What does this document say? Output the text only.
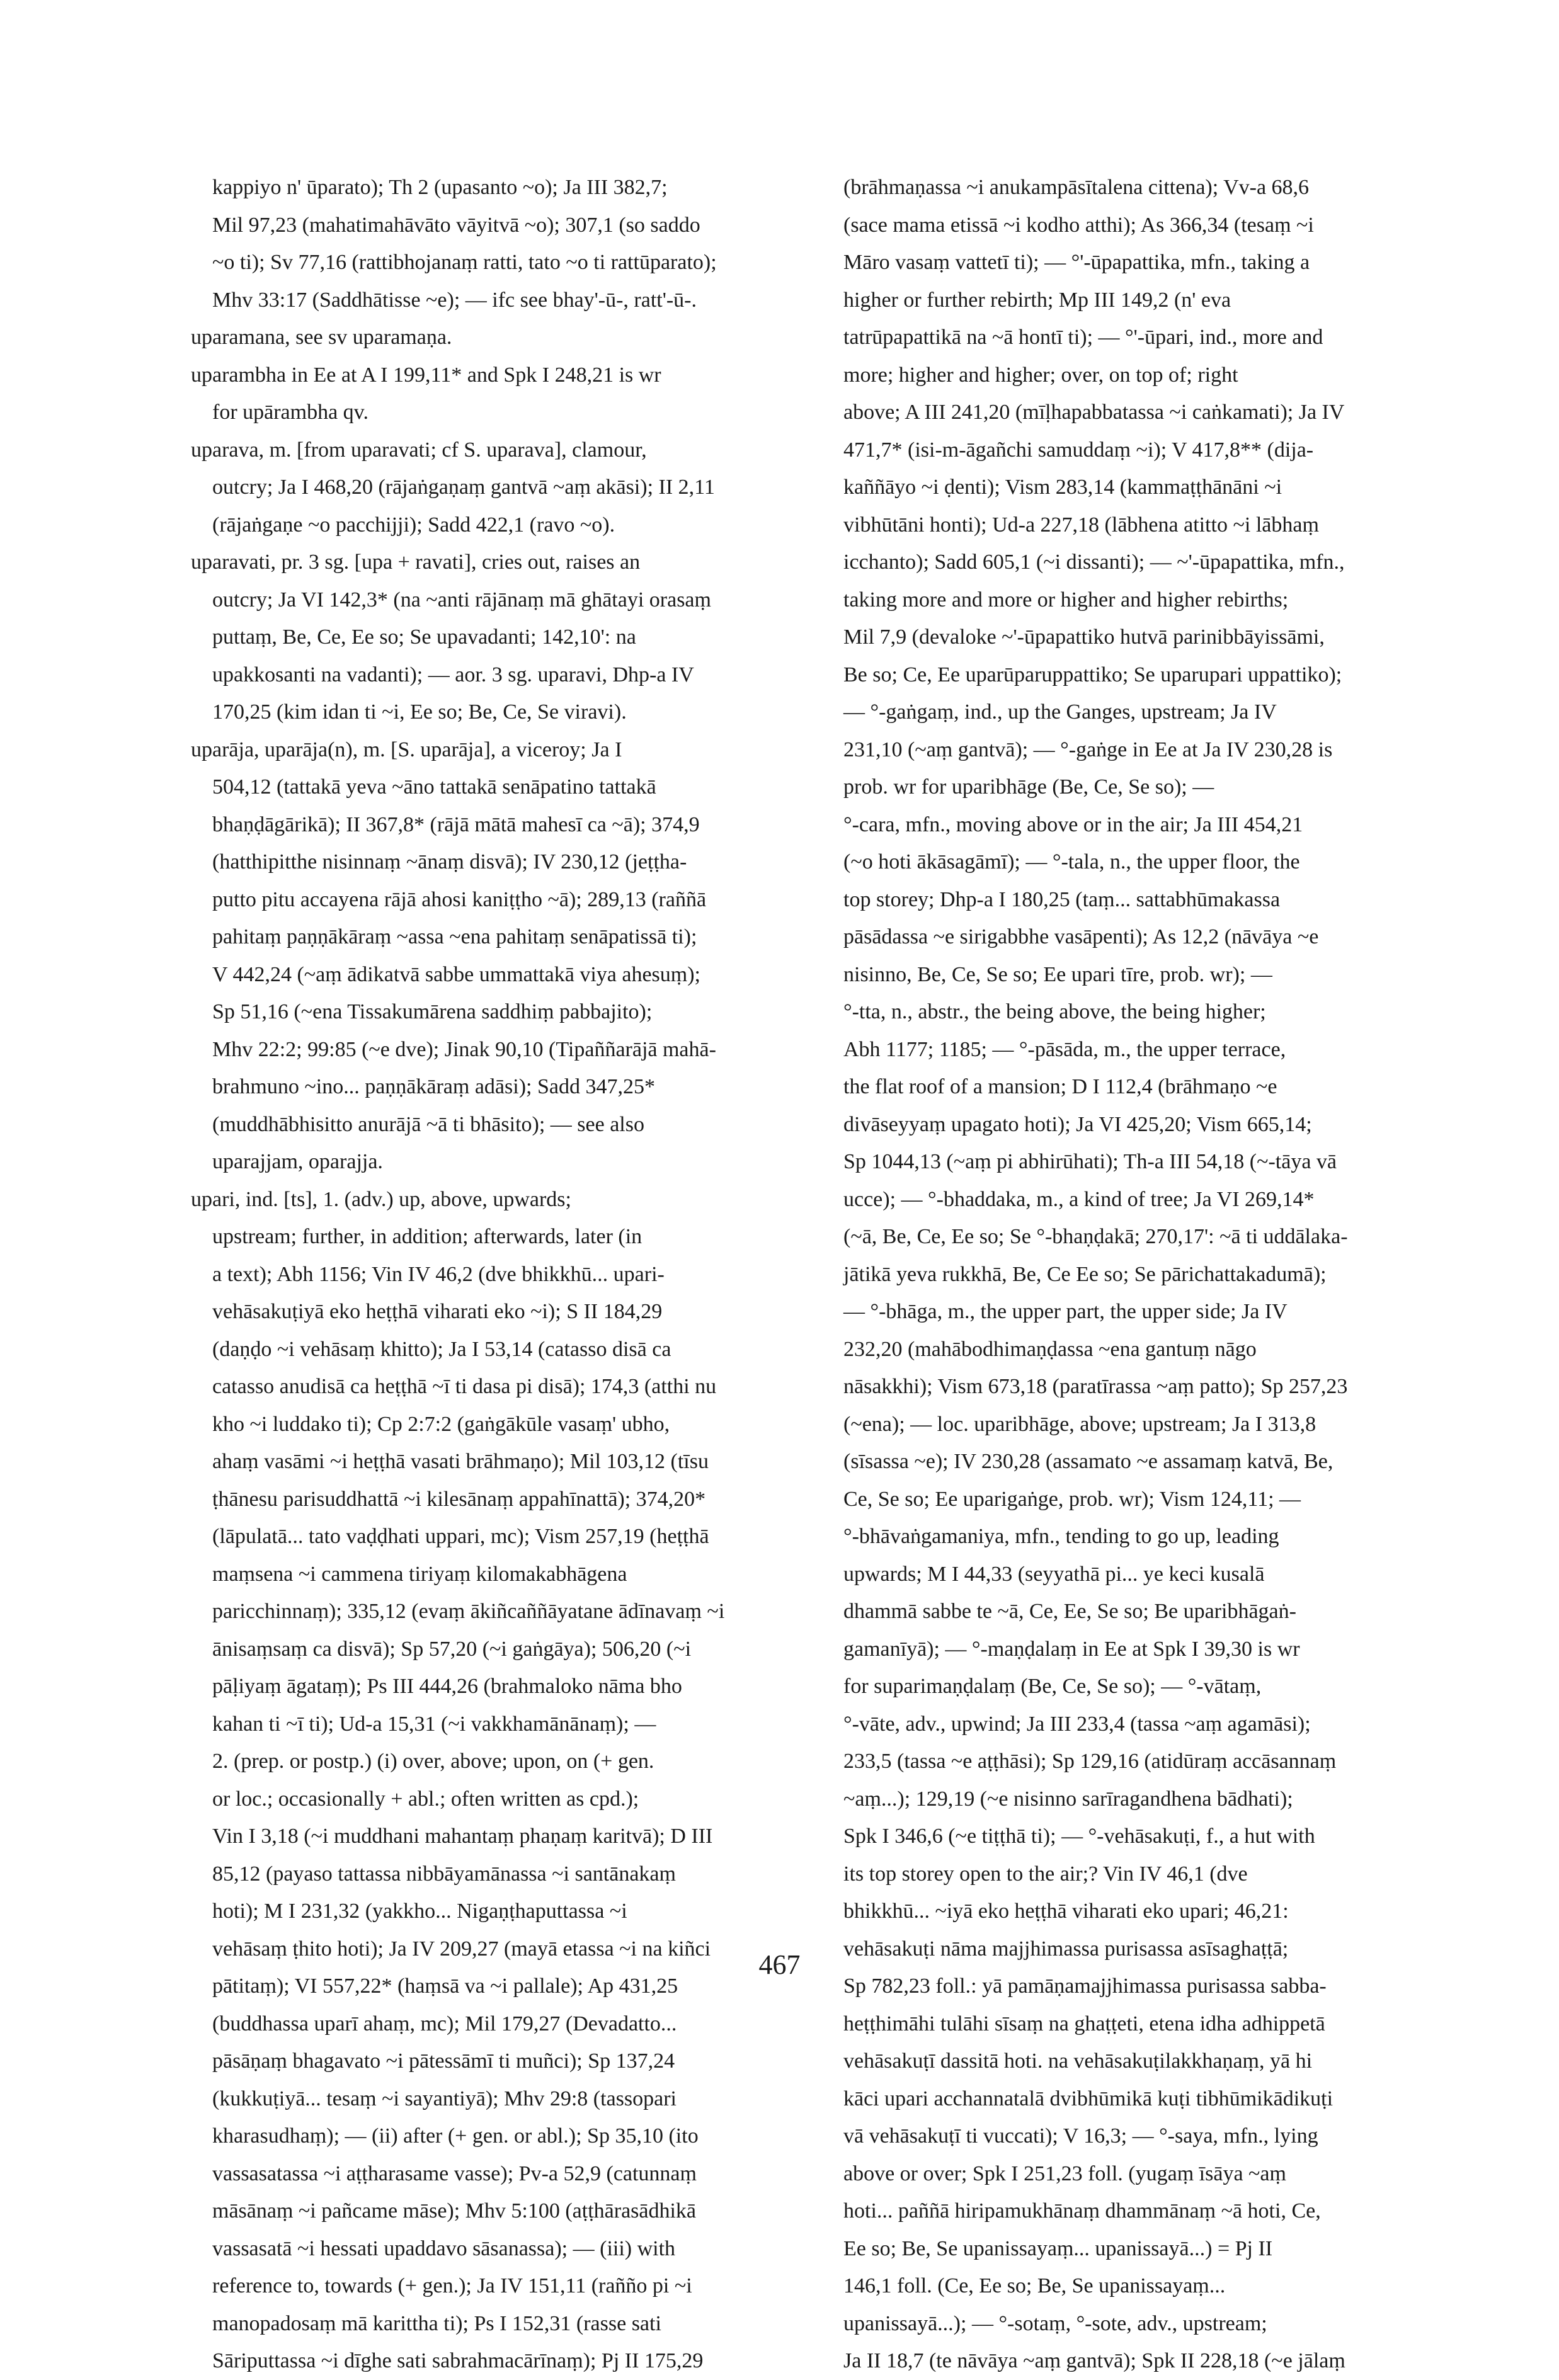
kappiyo n' ūparato); Th 2 (upasanto ~o); Ja III 382,7;
Mil 97,23 (mahatimahāvāto vāyitvā ~o); 307,1 (so saddo
~o ti); Sv 77,16 (rattibhojanaṃ ratti, tato ~o ti rattūparato);
Mhv 33:17 (Saddhātisse ~e); — ifc see bhay'-ū-, ratt'-ū-.
uparamana, see sv uparamaṇa.
uparambha in Ee at A I 199,11* and Spk I 248,21 is wr
for upārambha qv.
uparava, m. [from uparavati; cf S. uparava], clamour,
outcry; Ja I 468,20 (rājaṅgaṇaṃ gantvā ~aṃ akāsi); II 2,11
(rājaṅgaṇe ~o pacchijji); Sadd 422,1 (ravo ~o).
uparavati, pr. 3 sg. [upa + ravati], cries out, raises an
outcry; Ja VI 142,3* (na ~anti rājānaṃ mā ghātayi orasaṃ
puttaṃ, Be, Ce, Ee so; Se upavadanti; 142,10': na
upakkosanti na vadanti); — aor. 3 sg. uparavi, Dhp-a IV
170,25 (kim idan ti ~i, Ee so; Be, Ce, Se viravi).
uparāja, uparāja(n), m. [S. uparāja], a viceroy; Ja I
504,12 (tattakā yeva ~āno tattakā senāpatino tattakā
bhaṇḍāgārikā); II 367,8* (rājā mātā mahesī ca ~ā); 374,9
(hatthipitthe nisinnaṃ ~ānaṃ disvā); IV 230,12 (jeṭṭha-
putto pitu accayena rājā ahosi kaniṭṭho ~ā); 289,13 (raññā
pahitaṃ paṇṇākāraṃ ~assa ~ena pahitaṃ senāpatissā ti);
V 442,24 (~aṃ ādikatvā sabbe ummattakā viya ahesuṃ);
Sp 51,16 (~ena Tissakumārena saddhiṃ pabbajito);
Mhv 22:2; 99:85 (~e dve); Jinak 90,10 (Tipaññarājā mahā-
brahmuno ~ino... paṇṇākāraṃ adāsi); Sadd 347,25*
(muddhābhisitto anurājā ~ā ti bhāsito); — see also
uparajjam, oparajja.
upari, ind. [ts], 1. (adv.) up, above, upwards;
upstream; further, in addition; afterwards, later (in
a text); Abh 1156; Vin IV 46,2 (dve bhikkhū... upari-
vehāsakuṭiyā eko heṭṭhā viharati eko ~i); S II 184,29
(daṇḍo ~i vehāsaṃ khitto); Ja I 53,14 (catasso disā ca
catasso anudisā ca heṭṭhā ~ī ti dasa pi disā); 174,3 (atthi nu
kho ~i luddako ti); Cp 2:7:2 (gaṅgākūle vasaṃ' ubho,
ahaṃ vasāmi ~i heṭṭhā vasati brāhmaṇo); Mil 103,12 (tīsu
ṭhānesu parisuddhattā ~i kilesānaṃ appahīnattā); 374,20*
(lāpulatā... tato vaḍḍhati uppari, mc); Vism 257,19 (heṭṭhā
maṃsena ~i cammena tiriyaṃ kilomakabhāgena
paricchinnaṃ); 335,12 (evaṃ ākiñcaññāyatane ādīnavaṃ ~i
ānisaṃsaṃ ca disvā); Sp 57,20 (~i gaṅgāya); 506,20 (~i
pāḷiyaṃ āgataṃ); Ps III 444,26 (brahmaloko nāma bho
kahan ti ~ī ti); Ud-a 15,31 (~i vakkhamānānaṃ); —
2. (prep. or postp.) (i) over, above; upon, on (+ gen.
or loc.; occasionally + abl.; often written as cpd.);
Vin I 3,18 (~i muddhani mahantaṃ phaṇaṃ karitvā); D III
85,12 (payaso tattassa nibbāyamānassa ~i santānakaṃ
hoti); M I 231,32 (yakkho... Nigaṇṭhaputtassa ~i
vehāsaṃ ṭhito hoti); Ja IV 209,27 (mayā etassa ~i na kiñci
pātitaṃ); VI 557,22* (haṃsā va ~i pallale); Ap 431,25
(buddhassa uparī ahaṃ, mc); Mil 179,27 (Devadatto...
pāsāṇaṃ bhagavato ~i pātessāmī ti muñci); Sp 137,24
(kukkuṭiyā... tesaṃ ~i sayantiyā); Mhv 29:8 (tassopari
kharasudhaṃ); — (ii) after (+ gen. or abl.); Sp 35,10 (ito
vassasatassa ~i aṭṭharasame vasse); Pv-a 52,9 (catunnaṃ
māsānaṃ ~i pañcame māse); Mhv 5:100 (aṭṭhārasādhikā
vassasatā ~i hessati upaddavo sāsanassa); — (iii) with
reference to, towards (+ gen.); Ja IV 151,11 (rañño pi ~i
manopadosaṃ mā karittha ti); Ps I 152,31 (rasse sati
Sāriputtassa ~i dīghe sati sabrahmacārīnaṃ); Pj II 175,29
(brāhmaṇassa ~i anukampāsītalena cittena); Vv-a 68,6
(sace mama etissā ~i kodho atthi); As 366,34 (tesaṃ ~i
Māro vasaṃ vattetī ti); — °'-ūpapattika, mfn., taking a
higher or further rebirth; Mp III 149,2 (n' eva
tatrūpapattikā na ~ā hontī ti); — °'-ūpari, ind., more and
more; higher and higher; over, on top of; right
above; A III 241,20 (mīḷhapabbatassa ~i caṅkamati); Ja IV
471,7* (isi-m-āgañchi samuddaṃ ~i); V 417,8** (dija-
kaññāyo ~i ḍenti); Vism 283,14 (kammaṭṭhānāni ~i
vibhūtāni honti); Ud-a 227,18 (lābhena atitto ~i lābhaṃ
icchanto); Sadd 605,1 (~i dissanti); — ~'-ūpapattika, mfn.,
taking more and more or higher and higher rebirths;
Mil 7,9 (devaloke ~'-ūpapattiko hutvā parinibbāyissāmi,
Be so; Ce, Ee uparūparuppattiko; Se uparupari uppattiko);
— °-gaṅgaṃ, ind., up the Ganges, upstream; Ja IV
231,10 (~aṃ gantvā); — °-gaṅge in Ee at Ja IV 230,28 is
prob. wr for uparibhāge (Be, Ce, Se so); —
°-cara, mfn., moving above or in the air; Ja III 454,21
(~o hoti ākāsagāmī); — °-tala, n., the upper floor, the
top storey; Dhp-a I 180,25 (taṃ... sattabhūmakassa
pāsādassa ~e sirigabbhe vasāpenti); As 12,2 (nāvāya ~e
nisinno, Be, Ce, Se so; Ee upari tīre, prob. wr); —
°-tta, n., abstr., the being above, the being higher;
Abh 1177; 1185; — °-pāsāda, m., the upper terrace,
the flat roof of a mansion; D I 112,4 (brāhmaṇo ~e
divāseyyaṃ upagato hoti); Ja VI 425,20; Vism 665,14;
Sp 1044,13 (~aṃ pi abhirūhati); Th-a III 54,18 (~-tāya vā
ucce); — °-bhaddaka, m., a kind of tree; Ja VI 269,14*
(~ā, Be, Ce, Ee so; Se °-bhaṇḍakā; 270,17': ~ā ti uddālaka-
jātikā yeva rukkhā, Be, Ce Ee so; Se pārichattakadumā);
— °-bhāga, m., the upper part, the upper side; Ja IV
232,20 (mahābodhimaṇḍassa ~ena gantuṃ nāgo
nāsakkhi); Vism 673,18 (paratīrassa ~aṃ patto); Sp 257,23
(~ena); — loc. uparibhāge, above; upstream; Ja I 313,8
(sīsassa ~e); IV 230,28 (assamato ~e assamaṃ katvā, Be,
Ce, Se so; Ee uparigaṅge, prob. wr); Vism 124,11; —
°-bhāvaṅgamaniya, mfn., tending to go up, leading
upwards; M I 44,33 (seyyathā pi... ye keci kusalā
dhammā sabbe te ~ā, Ce, Ee, Se so; Be uparibhāgaṅ-
gamanīyā); — °-maṇḍalaṃ in Ee at Spk I 39,30 is wr
for suparimaṇḍalaṃ (Be, Ce, Se so); — °-vātaṃ,
°-vāte, adv., upwind; Ja III 233,4 (tassa ~aṃ agamāsi);
233,5 (tassa ~e aṭṭhāsi); Sp 129,16 (atidūraṃ accāsannaṃ
~aṃ...); 129,19 (~e nisinno sarīragandhena bādhati);
Spk I 346,6 (~e tiṭṭhā ti); — °-vehāsakuṭi, f., a hut with
its top storey open to the air;? Vin IV 46,1 (dve
bhikkhū... ~iyā eko heṭṭhā viharati eko upari; 46,21:
vehāsakuṭi nāma majjhimassa purisassa asīsaghaṭṭā;
Sp 782,23 foll.: yā pamāṇamajjhimassa purisassa sabba-
heṭṭhimāhi tulāhi sīsaṃ na ghaṭṭeti, etena idha adhippetā
vehāsakuṭī dassitā hoti. na vehāsakuṭilakkhaṇaṃ, yā hi
kāci upari acchannatalā dvibhūmikā kuṭi tibhūmikādikuṭi
vā vehāsakuṭī ti vuccati); V 16,3; — °-saya, mfn., lying
above or over; Spk I 251,23 foll. (yugaṃ īsāya ~aṃ
hoti... paññā hiripamukhānaṃ dhammānaṃ ~ā hoti, Ce,
Ee so; Be, Se upanissayaṃ... upanissayā...) = Pj II
146,1 foll. (Ce, Ee so; Be, Se upanissayaṃ...
upanissayā...); — °-sotaṃ, °-sote, adv., upstream;
Ja II 18,7 (te nāvāya ~aṃ gantvā); Spk II 228,18 (~e jālaṃ
467
